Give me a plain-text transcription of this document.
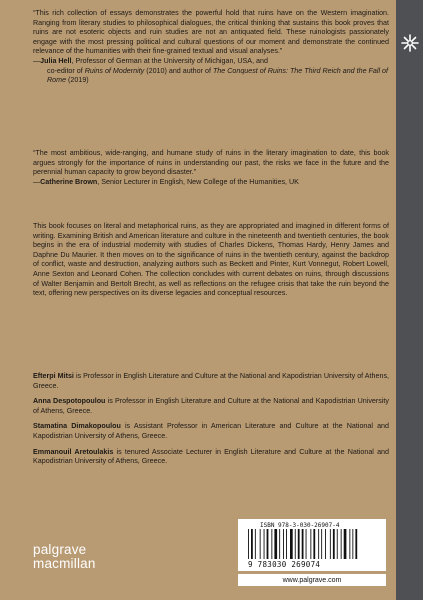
“This rich collection of essays demonstrates the powerful hold that ruins have on the Western imagination. Ranging from literary studies to philosophical dialogues, the critical thinking that sustains this book proves that ruins are not esoteric objects and ruin studies are not an antiquated field. These ruinologists passionately engage with the most pressing political and cultural questions of our moment and demonstrate the continued relevance of the humanities with their fine-grained textual and visual analyses.”

—Julia Hell, Professor of German at the University of Michigan, USA, and

co-editor of Ruins of Modernity (2010) and author of The Conquest of Ruins: The Third Reich and the Fall of Rome (2019)

“The most ambitious, wide-ranging, and humane study of ruins in the literary imagination to date, this book argues strongly for the importance of ruins in understanding our past, the risks we face in the future and the perennial human capacity to grow beyond disaster.”

—Catherine Brown, Senior Lecturer in English, New College of the Humanities, UK

This book focuses on literal and metaphorical ruins, as they are appropriated and imagined in different forms of writing. Examining British and American literature and culture in the nineteenth and twentieth centuries, the book begins in the era of industrial modernity with studies of Charles Dickens, Thomas Hardy, Henry James and Daphne Du Maurier. It then moves on to the significance of ruins in the twentieth century, against the backdrop of conflict, waste and destruction, analyzing authors such as Beckett and Pinter, Kurt Vonnegut, Robert Lowell, Anne Sexton and Leonard Cohen. The collection concludes with current debates on ruins, through discussions of Walter Benjamin and Bertolt Brecht, as well as reflections on the refugee crisis that take the ruin beyond the text, offering new perspectives on its diverse legacies and conceptual resources.

Efterpi Mitsi is Professor in English Literature and Culture at the National and Kapodistrian University of Athens, Greece.

Anna Despotopoulou is Professor in English Literature and Culture at the National and Kapodistrian University of Athens, Greece.

Stamatina Dimakopoulou is Assistant Professor in American Literature and Culture at the National and Kapodistrian University of Athens, Greece.

Emmanouil Aretoulakis is tenured Associate Lecturer in English Literature and Culture at the National and Kapodistrian University of Athens, Greece.

palgrave
macmillan
ISBN 978-3-030-26907-4
9 783030 269074
www.palgrave.com
